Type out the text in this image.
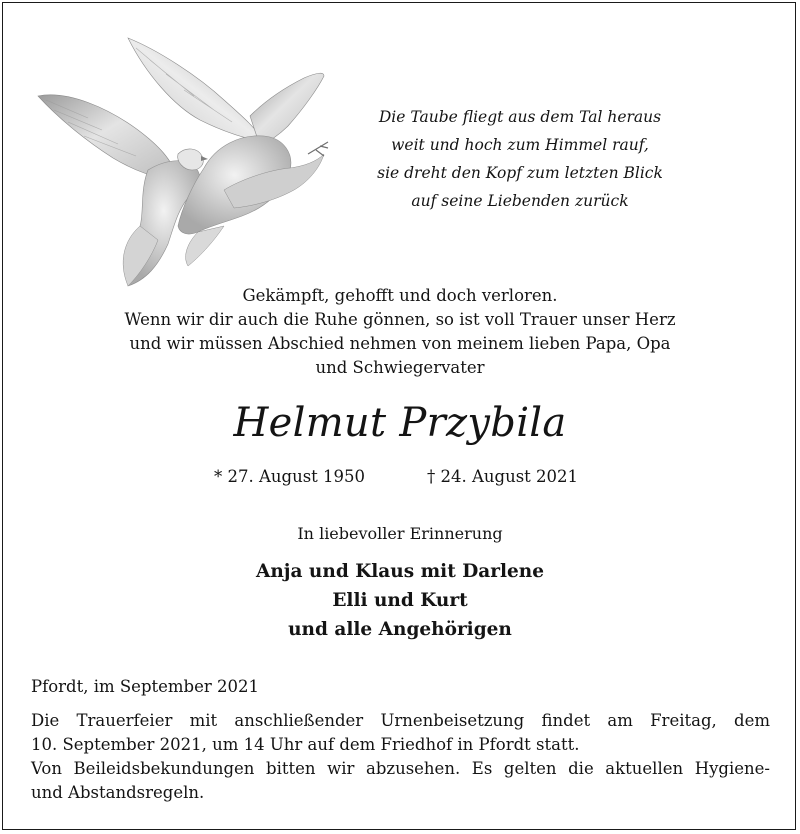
Die Taube fliegt aus dem Tal heraus
weit und hoch zum Himmel rauf,
sie dreht den Kopf zum letzten Blick
auf seine Liebenden zurück
Gekämpft, gehofft und doch verloren.
Wenn wir dir auch die Ruhe gönnen, so ist voll Trauer unser Herz
und wir müssen Abschied nehmen von meinem lieben Papa, Opa
und Schwiegervater
Helmut Przybila
* 27. August 1950	† 24. August 2021
In liebevoller Erinnerung
Anja und Klaus mit Darlene
Elli und Kurt
und alle Angehörigen
Pfordt, im September 2021
Die Trauerfeier mit anschließender Urnenbeisetzung findet am Freitag, dem
10. September 2021, um 14 Uhr auf dem Friedhof in Pfordt statt.
Von Beileidsbekundungen bitten wir abzusehen. Es gelten die aktuellen Hygiene-
und Abstandsregeln.
